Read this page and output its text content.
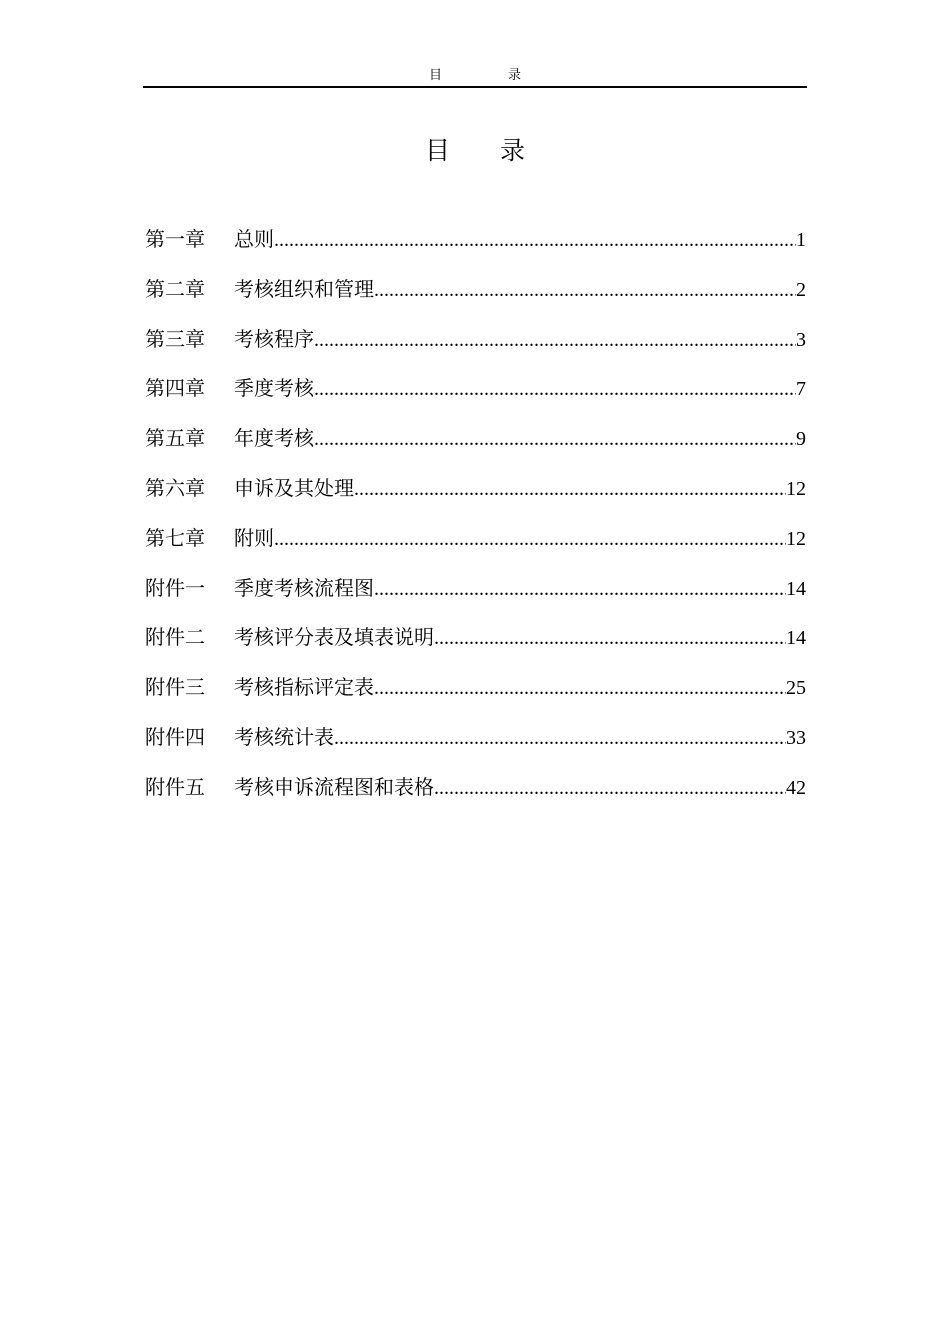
目	录
目 录
第一章	总则 .....	1
第二章	考核组织和管理 .....	2
第三章	考核程序 .....	3
第四章	季度考核 .....	7
第五章	年度考核 .....	9
第六章	申诉及其处理 .....	12
第七章	附则 .....	12
附件一	季度考核流程图 .....	14
附件二	考核评分表及填表说明 .....	14
附件三	考核指标评定表 .....	25
附件四	考核统计表 .....	33
附件五	考核申诉流程图和表格 .....	42
